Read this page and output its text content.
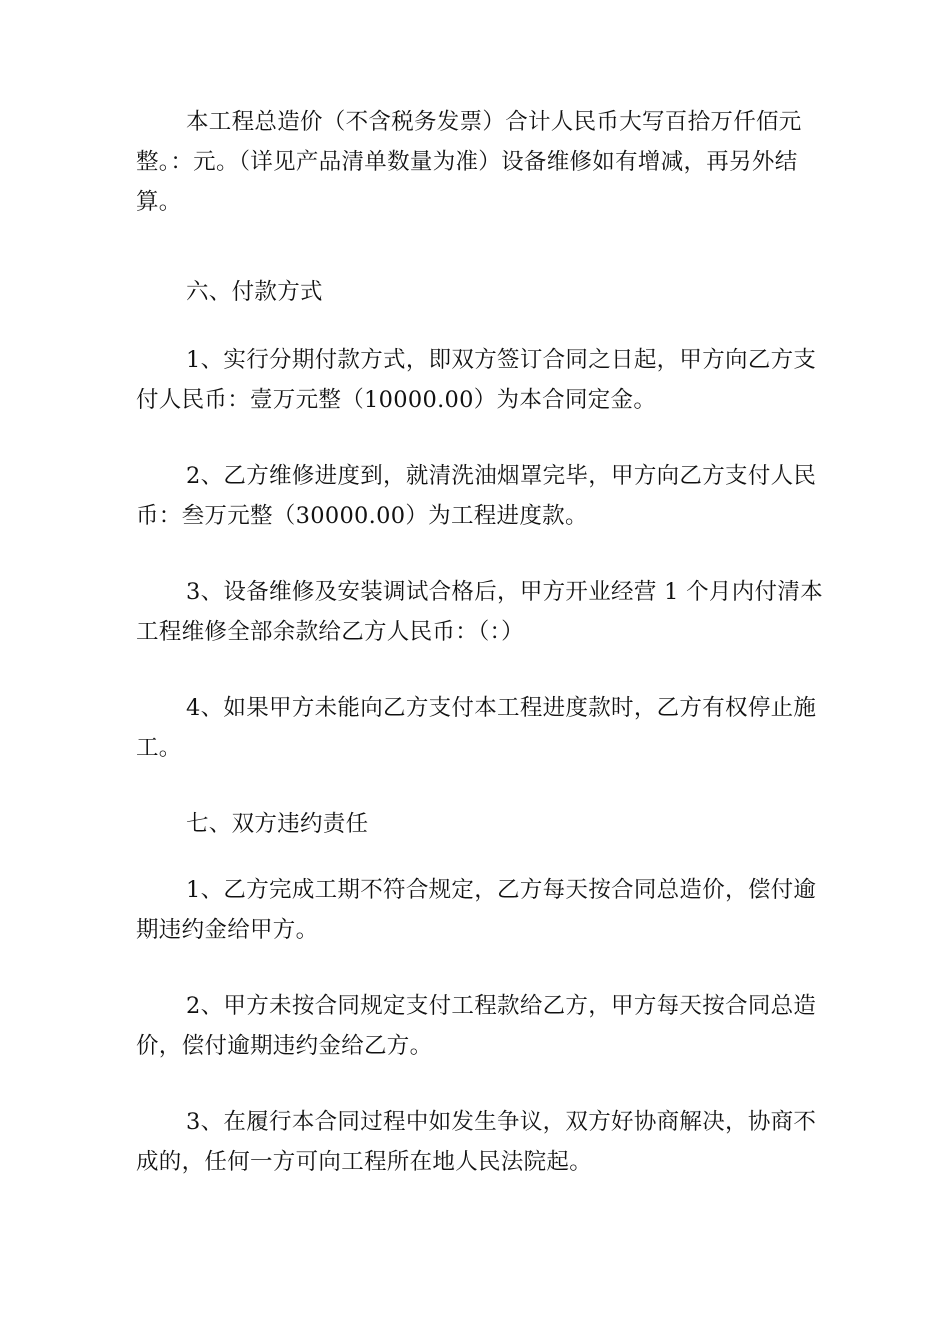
本工程总造价（不含税务发票）合计人民币大写百拾万仟佰元整。：元。（详见产品清单数量为准）设备维修如有增减，再另外结算。

六、付款方式

1、实行分期付款方式，即双方签订合同之日起，甲方向乙方支付人民币：壹万元整（10000.00）为本合同定金。

2、乙方维修进度到，就清洗油烟罩完毕，甲方向乙方支付人民币：叁万元整（30000.00）为工程进度款。

3、设备维修及安装调试合格后，甲方开业经营 1 个月内付清本工程维修全部余款给乙方人民币：（：）

4、如果甲方未能向乙方支付本工程进度款时，乙方有权停止施工。

七、双方违约责任

1、乙方完成工期不符合规定，乙方每天按合同总造价，偿付逾期违约金给甲方。

2、甲方未按合同规定支付工程款给乙方，甲方每天按合同总造价，偿付逾期违约金给乙方。

3、在履行本合同过程中如发生争议，双方好协商解决，协商不成的，任何一方可向工程所在地人民法院起。
